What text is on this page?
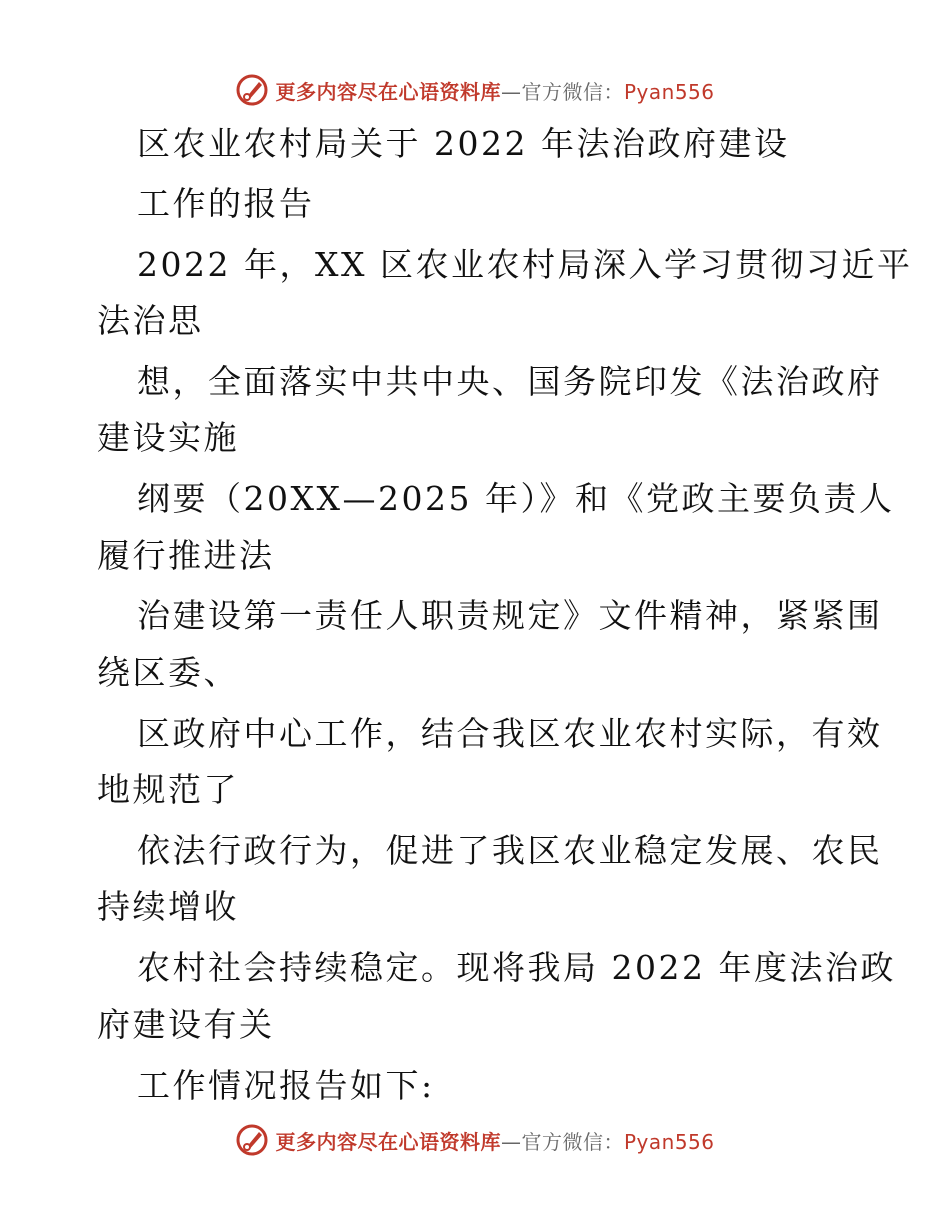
更多内容尽在心语资料库—官方微信：Pyan556
区农业农村局关于 2022 年法治政府建设
工作的报告
2022 年，XX 区农业农村局深入学习贯彻习近平
法治思
想，全面落实中共中央、国务院印发《法治政府
建设实施
纲要（20XX—2025 年）》和《党政主要负责人
履行推进法
治建设第一责任人职责规定》文件精神，紧紧围
绕区委、
区政府中心工作，结合我区农业农村实际，有效
地规范了
依法行政行为，促进了我区农业稳定发展、农民
持续增收
农村社会持续稳定。现将我局 2022 年度法治政
府建设有关
工作情况报告如下:
更多内容尽在心语资料库—官方微信：Pyan556
